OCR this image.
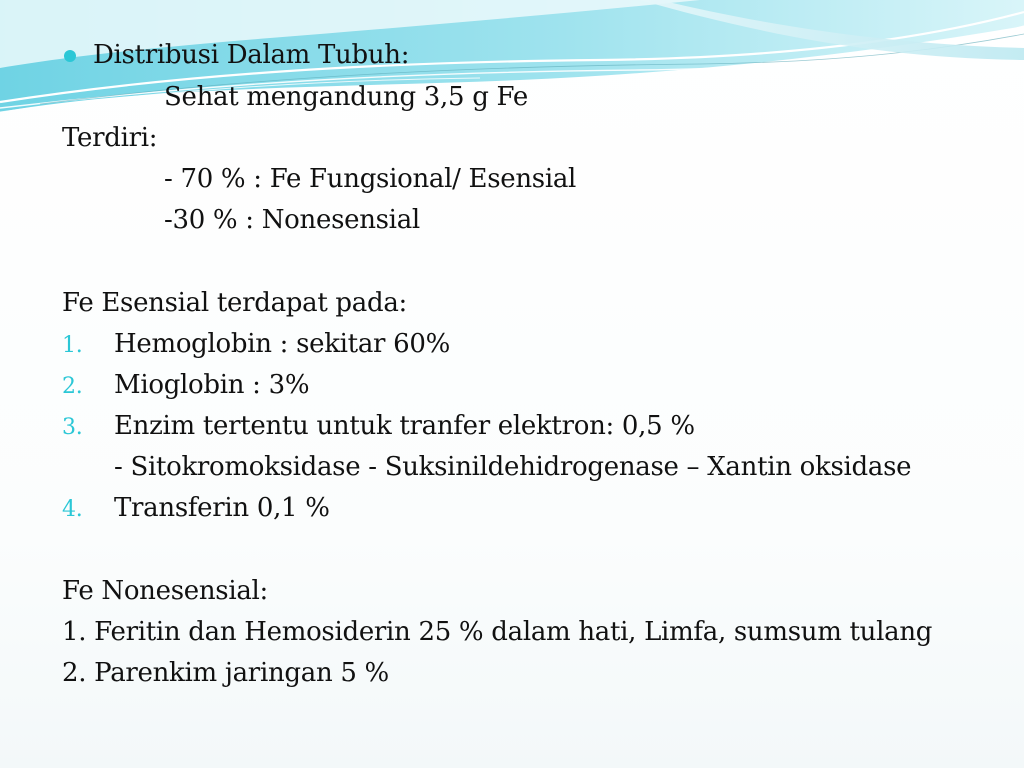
Distribusi Dalam Tubuh:
Sehat mengandung 3,5 g Fe
Terdiri:
- 70 % : Fe Fungsional/ Esensial
-30 % : Nonesensial
Fe Esensial terdapat pada:
1. Hemoglobin : sekitar 60%
2. Mioglobin : 3%
3. Enzim tertentu untuk tranfer elektron: 0,5 %
- Sitokromoksidase - Suksinildehidrogenase – Xantin oksidase
4. Transferin 0,1 %
Fe Nonesensial:
1. Feritin dan Hemosiderin 25 % dalam hati, Limfa, sumsum tulang
2. Parenkim jaringan 5 %
